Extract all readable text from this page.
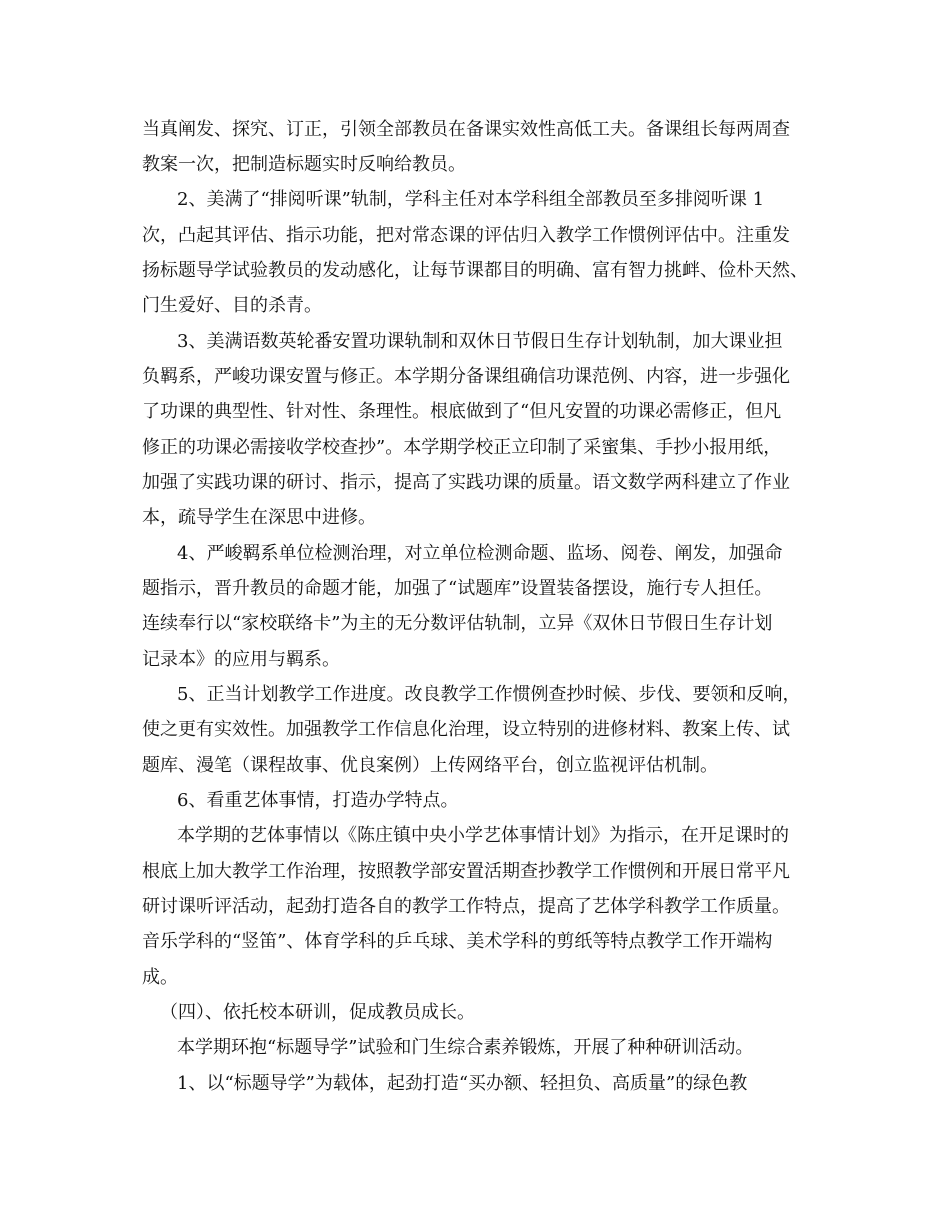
当真阐发、探究、订正，引领全部教员在备课实效性高低工夫。备课组长每两周查
教案一次，把制造标题实时反响给教员。
2、美满了“排阅听课”轨制，学科主任对本学科组全部教员至多排阅听课 1
次，凸起其评估、指示功能，把对常态课的评估归入教学工作惯例评估中。注重发
扬标题导学试验教员的发动感化，让每节课都目的明确、富有智力挑衅、俭朴天然、
门生爱好、目的杀青。
3、美满语数英轮番安置功课轨制和双休日节假日生存计划轨制，加大课业担
负羁系，严峻功课安置与修正。本学期分备课组确信功课范例、内容，进一步强化
了功课的典型性、针对性、条理性。根底做到了“但凡安置的功课必需修正，但凡
修正的功课必需接收学校查抄”。本学期学校正立印制了采蜜集、手抄小报用纸，
加强了实践功课的研讨、指示，提高了实践功课的质量。语文数学两科建立了作业
本，疏导学生在深思中进修。
4、严峻羁系单位检测治理，对立单位检测命题、监场、阅卷、阐发，加强命
题指示，晋升教员的命题才能，加强了“试题库”设置装备摆设，施行专人担任。
连续奉行以“家校联络卡”为主的无分数评估轨制，立异《双休日节假日生存计划
记录本》的应用与羁系。
5、正当计划教学工作进度。改良教学工作惯例查抄时候、步伐、要领和反响，
使之更有实效性。加强教学工作信息化治理，设立特别的进修材料、教案上传、试
题库、漫笔（课程故事、优良案例）上传网络平台，创立监视评估机制。
6、看重艺体事情，打造办学特点。
本学期的艺体事情以《陈庄镇中央小学艺体事情计划》为指示，在开足课时的
根底上加大教学工作治理，按照教学部安置活期查抄教学工作惯例和开展日常平凡
研讨课听评活动，起劲打造各自的教学工作特点，提高了艺体学科教学工作质量。
音乐学科的“竖笛”、体育学科的乒乓球、美术学科的剪纸等特点教学工作开端构
成。
（四）、依托校本研训，促成教员成长。
本学期环抱“标题导学”试验和门生综合素养锻炼，开展了种种研训活动。
1、以“标题导学”为载体，起劲打造“买办额、轻担负、高质量”的绿色教
